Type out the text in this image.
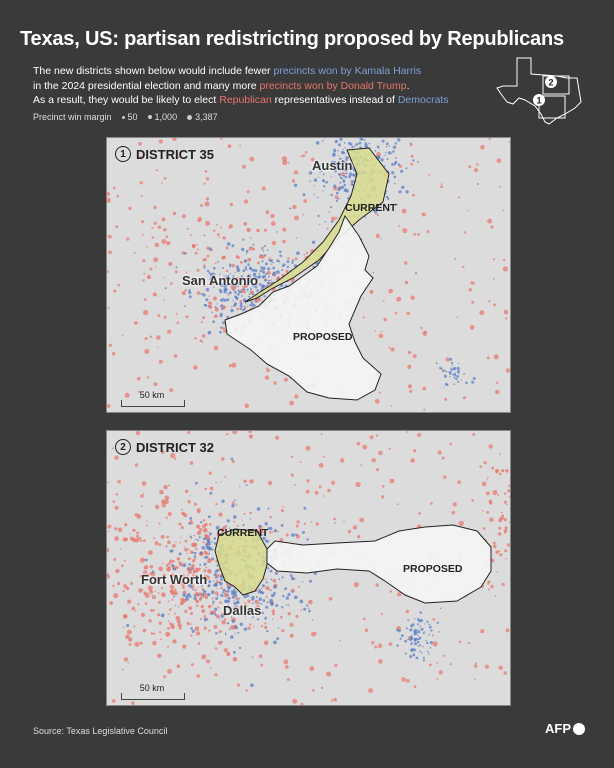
Texas, US: partisan redistricting proposed by Republicans
The new districts shown below would include fewer precincts won by Kamala Harris
in the 2024 presidential election and many more precincts won by Donald Trump.
As a result, they would be likely to elect Republican representatives instead of Democrats
Precinct win margin 50 1,000 3,387
2
1
1 DISTRICT 35
Austin
San Antonio
CURRENT
PROPOSED
50 km
2 DISTRICT 32
CURRENT
Fort Worth
Dallas
PROPOSED
50 km
Source: Texas Legislative Council	AFP
